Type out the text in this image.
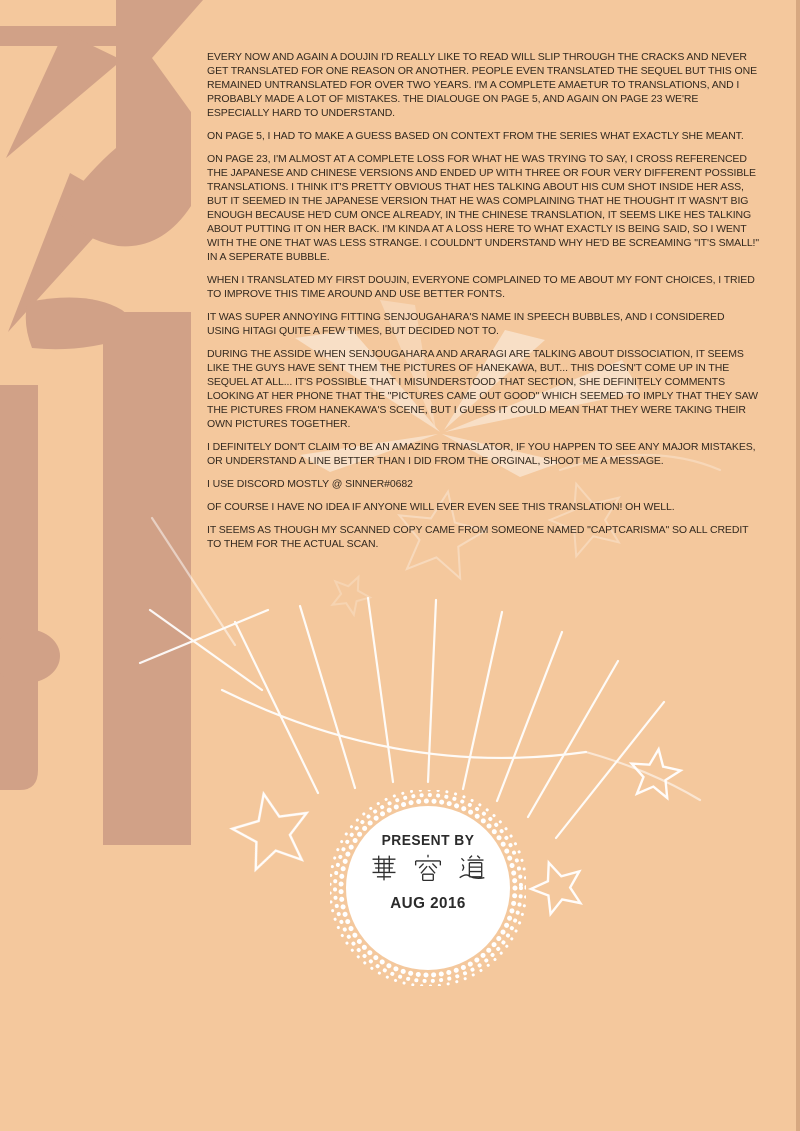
EVERY NOW AND AGAIN A DOUJIN I'D REALLY LIKE TO READ WILL SLIP THROUGH THE CRACKS AND NEVER GET TRANSLATED FOR ONE REASON OR ANOTHER. PEOPLE EVEN TRANSLATED THE SEQUEL BUT THIS ONE REMAINED UNTRANSLATED FOR OVER TWO YEARS. I'M A COMPLETE AMAETUR TO TRANSLATIONS, AND I PROBABLY MADE A LOT OF MISTAKES. THE DIALOUGE ON PAGE 5, AND AGAIN ON PAGE 23 WE'RE ESPECIALLY HARD TO UNDERSTAND.

ON PAGE 5, I HAD TO MAKE A GUESS BASED ON CONTEXT FROM THE SERIES WHAT EXACTLY SHE MEANT.

ON PAGE 23, I'M ALMOST AT A COMPLETE LOSS FOR WHAT HE WAS TRYING TO SAY, I CROSS REFERENCED THE JAPANESE AND CHINESE VERSIONS AND ENDED UP WITH THREE OR FOUR VERY DIFFERENT POSSIBLE TRANSLATIONS. I THINK IT'S PRETTY OBVIOUS THAT HES TALKING ABOUT HIS CUM SHOT INSIDE HER ASS, BUT IT SEEMED IN THE JAPANESE VERSION THAT HE WAS COMPLAINING THAT HE THOUGHT IT WASN'T BIG ENOUGH BECAUSE HE'D CUM ONCE ALREADY, IN THE CHINESE TRANSLATION, IT SEEMS LIKE HES TALKING ABOUT PUTTING IT ON HER BACK. I'M KINDA AT A LOSS HERE TO WHAT EXACTLY IS BEING SAID, SO I WENT WITH THE ONE THAT WAS LESS STRANGE. I COULDN'T UNDERSTAND WHY HE'D BE SCREAMING "IT'S SMALL!" IN A SEPERATE BUBBLE.

WHEN I TRANSLATED MY FIRST DOUJIN, EVERYONE COMPLAINED TO ME ABOUT MY FONT CHOICES, I TRIED TO IMPROVE THIS TIME AROUND AND USE BETTER FONTS.

IT WAS SUPER ANNOYING FITTING SENJOUGAHARA'S NAME IN SPEECH BUBBLES, AND I CONSIDERED USING HITAGI QUITE A FEW TIMES, BUT DECIDED NOT TO.

DURING THE ASSIDE WHEN SENJOUGAHARA AND ARARAGI ARE TALKING ABOUT DISSOCIATION, IT SEEMS LIKE THE GUYS HAVE SENT THEM THE PICTURES OF HANEKAWA, BUT... THIS DOESN'T COME UP IN THE SEQUEL AT ALL... IT'S POSSIBLE THAT I MISUNDERSTOOD THAT SECTION, SHE DEFINITELY COMMENTS LOOKING AT HER PHONE THAT THE "PICTURES CAME OUT GOOD" WHICH SEEMED TO IMPLY THAT THEY SAW THE PICTURES FROM HANEKAWA'S SCENE, BUT I GUESS IT COULD MEAN THAT THEY WERE TAKING THEIR OWN PICTURES TOGETHER.

I DEFINITELY DON'T CLAIM TO BE AN AMAZING TRNASLATOR, IF YOU HAPPEN TO SEE ANY MAJOR MISTAKES, OR UNDERSTAND A LINE BETTER THAN I DID FROM THE ORGINAL, SHOOT ME A MESSAGE.

I USE DISCORD MOSTLY @ SINNER#0682

OF COURSE I HAVE NO IDEA IF ANYONE WILL EVER EVEN SEE THIS TRANSLATION! OH WELL.

IT SEEMS AS THOUGH MY SCANNED COPY CAME FROM SOMEONE NAMED "CAPTCARISMA" SO ALL CREDIT TO THEM FOR THE ACTUAL SCAN.

PRESENT BY

AUG 2016
